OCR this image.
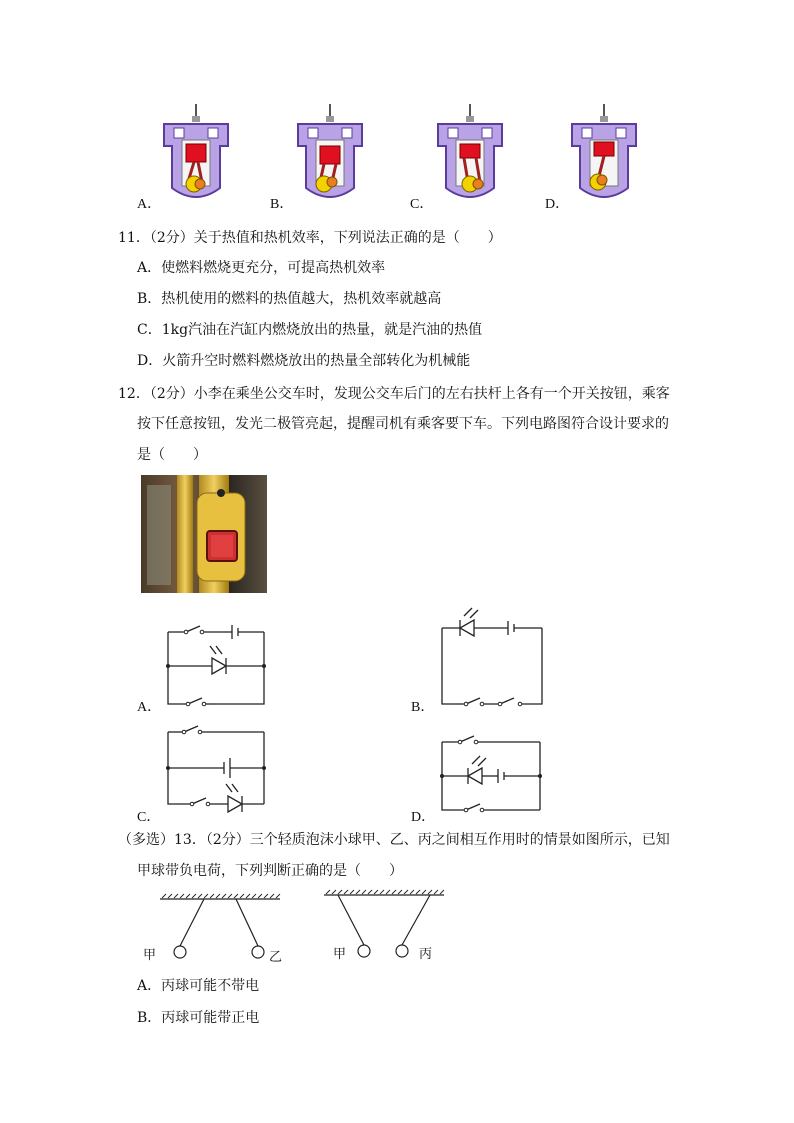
A．	B．	C．	D．
11．（2分）关于热值和热机效率，下列说法正确的是（　　）
A．使燃料燃烧更充分，可提高热机效率
B．热机使用的燃料的热值越大，热机效率就越高
C．1kg汽油在汽缸内燃烧放出的热量，就是汽油的热值
D．火箭升空时燃料燃烧放出的热量全部转化为机械能
12．（2分）小李在乘坐公交车时，发现公交车后门的左右扶杆上各有一个开关按钮，乘客
按下任意按钮，发光二极管亮起，提醒司机有乘客要下车。下列电路图符合设计要求的
是（　　）
A．	B．
C．	D．
（多选）13．（2分）三个轻质泡沫小球甲、乙、丙之间相互作用时的情景如图所示，已知
甲球带负电荷，下列判断正确的是（　　）
甲	乙	甲	丙
A．丙球可能不带电
B．丙球可能带正电
